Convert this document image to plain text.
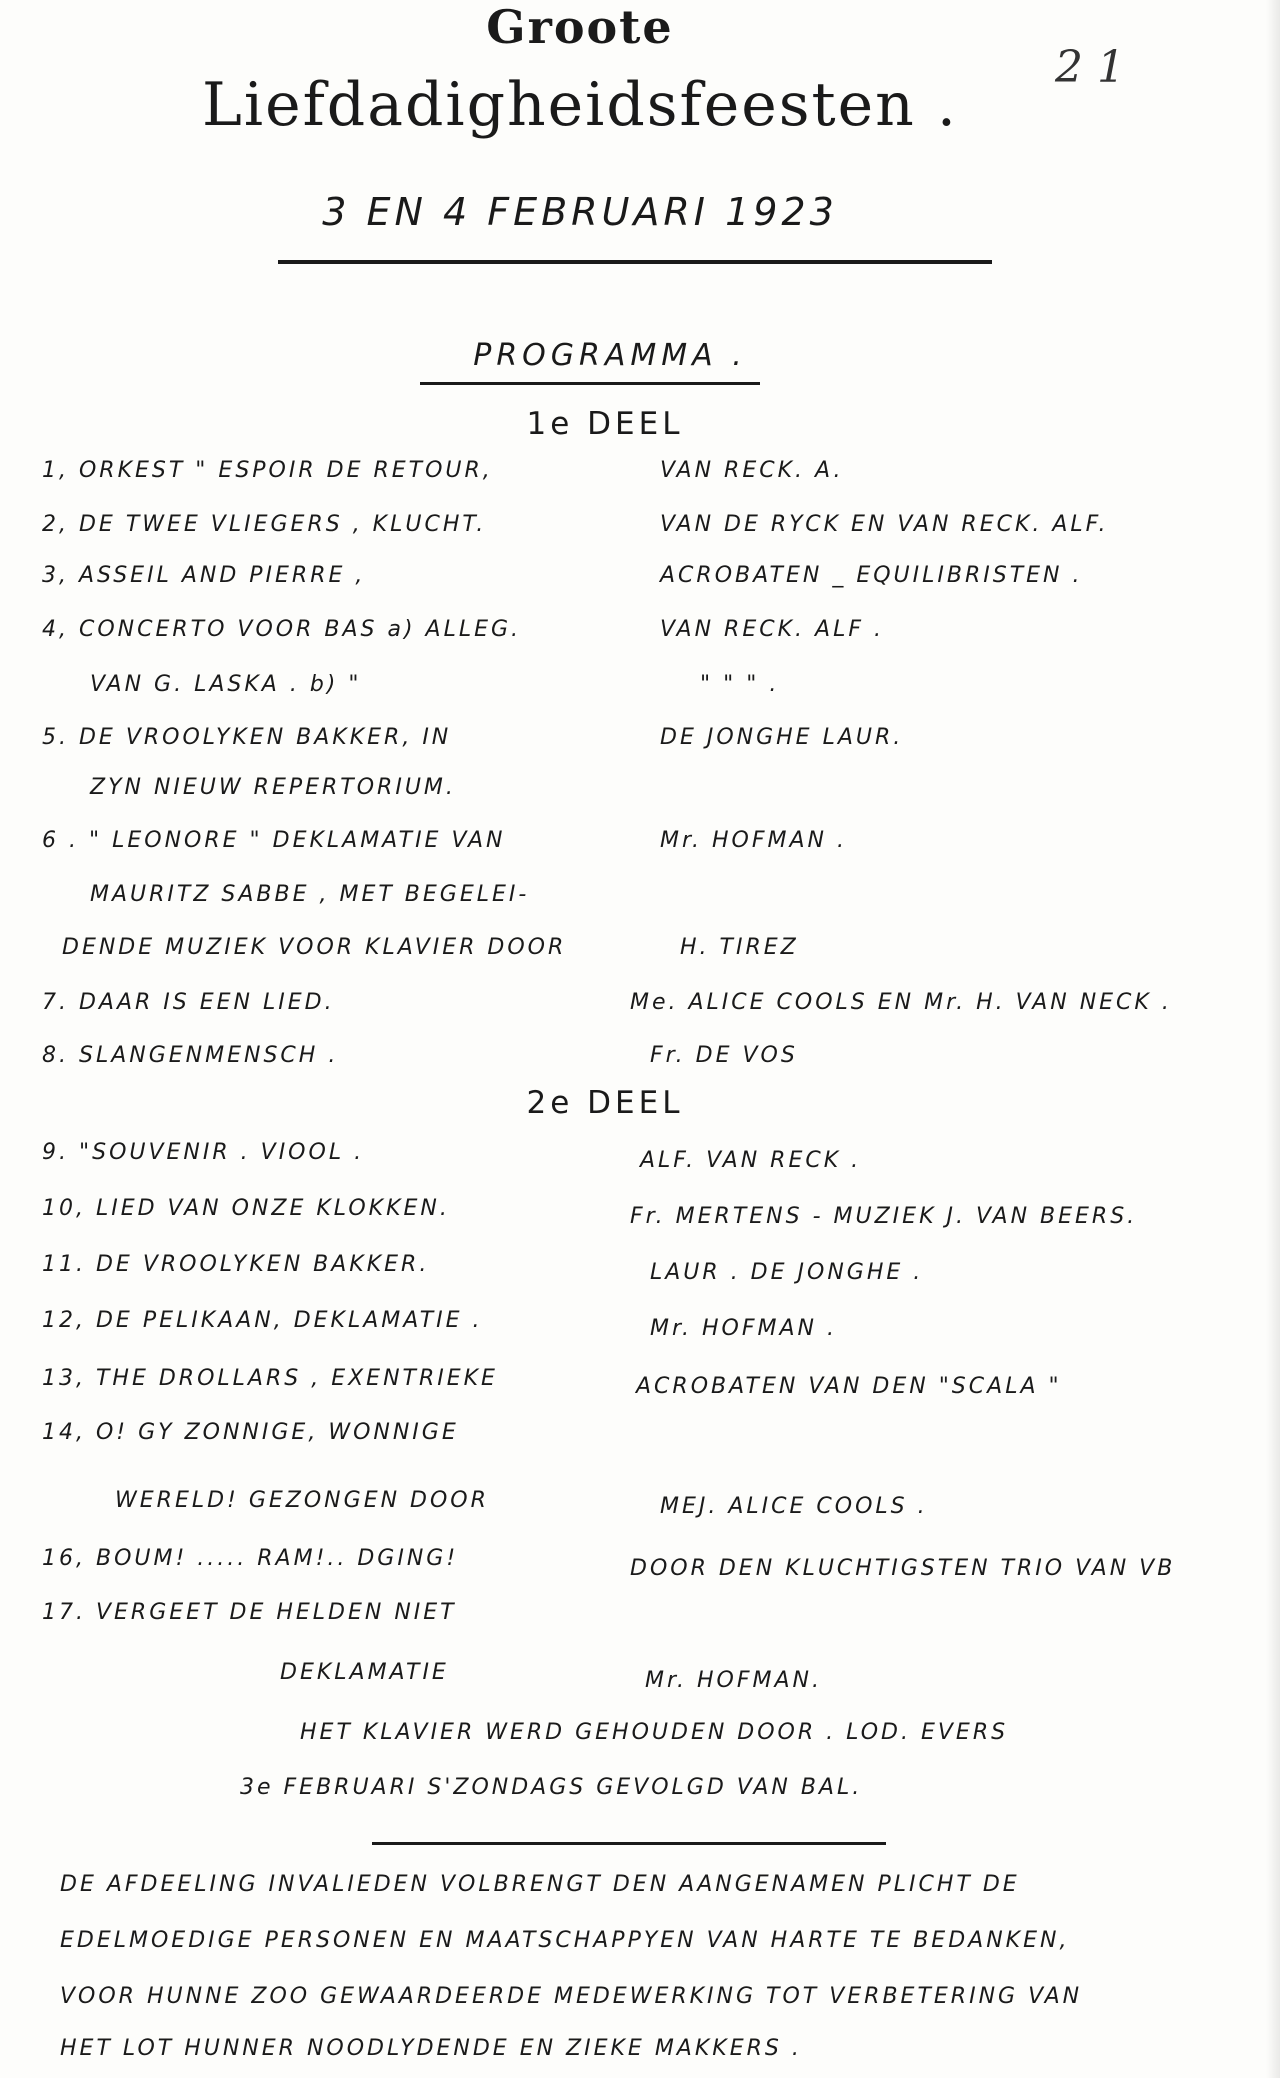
21
Groote
Liefdadigheidsfeesten .
3 EN 4 FEBRUARI 1923
PROGRAMMA .
1e DEEL
2e DEEL
1, ORKEST " ESPOIR DE RETOUR,	VAN RECK. A.
2, DE TWEE VLIEGERS , KLUCHT.	VAN DE RYCK EN VAN RECK. ALF.
3, ASSEIL AND PIERRE ,	ACROBATEN _ EQUILIBRISTEN .
4, CONCERTO VOOR BAS a) ALLEG.	VAN RECK. ALF .
VAN G. LASKA . b) "	" " " .
5. DE VROOLYKEN BAKKER, IN	DE JONGHE LAUR.
ZYN NIEUW REPERTORIUM.
6 . " LEONORE " DEKLAMATIE VAN	Mr. HOFMAN .
MAURITZ SABBE , MET BEGELEI-
DENDE MUZIEK VOOR KLAVIER DOOR	H. TIREZ
7. DAAR IS EEN LIED.	Me. ALICE COOLS EN Mr. H. VAN NECK .
8. SLANGENMENSCH .	Fr. DE VOS
9. "SOUVENIR . VIOOL .	ALF. VAN RECK .
10, LIED VAN ONZE KLOKKEN.	Fr. MERTENS - MUZIEK J. VAN BEERS.
11. DE VROOLYKEN BAKKER.	LAUR . DE JONGHE .
12, DE PELIKAAN, DEKLAMATIE .	Mr. HOFMAN .
13, THE DROLLARS , EXENTRIEKE	ACROBATEN VAN DEN "SCALA "
14, O! GY ZONNIGE, WONNIGE
WERELD! GEZONGEN DOOR	MEJ. ALICE COOLS .
16, BOUM! ..... RAM!.. DGING!	DOOR DEN KLUCHTIGSTEN TRIO VAN VB
17. VERGEET DE HELDEN NIET
DEKLAMATIE	Mr. HOFMAN.
HET KLAVIER WERD GEHOUDEN DOOR . LOD. EVERS
3e FEBRUARI S'ZONDAGS GEVOLGD VAN BAL.
DE AFDEELING INVALIEDEN VOLBRENGT DEN AANGENAMEN PLICHT DE
EDELMOEDIGE PERSONEN EN MAATSCHAPPYEN VAN HARTE TE BEDANKEN,
VOOR HUNNE ZOO GEWAARDEERDE MEDEWERKING TOT VERBETERING VAN
HET LOT HUNNER NOODLYDENDE EN ZIEKE MAKKERS .
